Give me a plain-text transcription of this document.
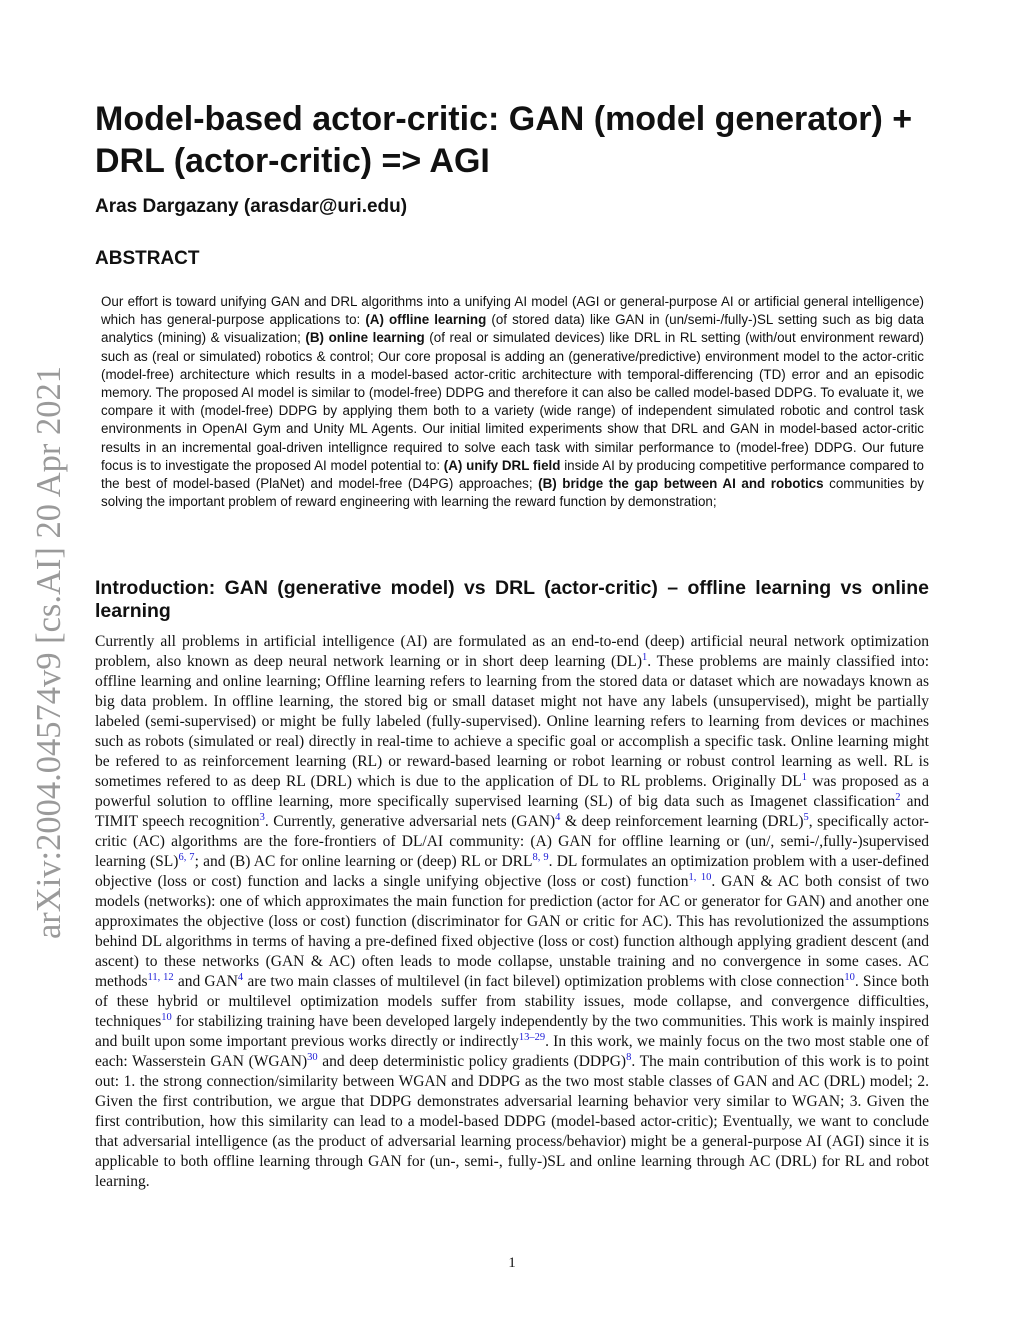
arXiv:2004.04574v9 [cs.AI] 20 Apr 2021
Model-based actor-critic: GAN (model generator) + DRL (actor-critic) => AGI
Aras Dargazany (arasdar@uri.edu)
ABSTRACT

Our effort is toward unifying GAN and DRL algorithms into a unifying AI model (AGI or general-purpose AI or artificial general intelligence) which has general-purpose applications to: (A) offline learning (of stored data) like GAN in (un/semi-/fully-)SL setting such as big data analytics (mining) & visualization; (B) online learning (of real or simulated devices) like DRL in RL setting (with/out environment reward) such as (real or simulated) robotics & control; Our core proposal is adding an (generative/predictive) environment model to the actor-critic (model-free) architecture which results in a model-based actor-critic architecture with temporal-differencing (TD) error and an episodic memory. The proposed AI model is similar to (model-free) DDPG and therefore it can also be called model-based DDPG. To evaluate it, we compare it with (model-free) DDPG by applying them both to a variety (wide range) of independent simulated robotic and control task environments in OpenAI Gym and Unity ML Agents. Our initial limited experiments show that DRL and GAN in model-based actor-critic results in an incremental goal-driven intellignce required to solve each task with similar performance to (model-free) DDPG. Our future focus is to investigate the proposed AI model potential to: (A) unify DRL field inside AI by producing competitive performance compared to the best of model-based (PlaNet) and model-free (D4PG) approaches; (B) bridge the gap between AI and robotics communities by solving the important problem of reward engineering with learning the reward function by demonstration;

Introduction: GAN (generative model) vs DRL (actor-critic) – offline learning vs online learning

Currently all problems in artificial intelligence (AI) are formulated as an end-to-end (deep) artificial neural network optimization problem, also known as deep neural network learning or in short deep learning (DL)$^1$. These problems are mainly classified into: offline learning and online learning; Offline learning refers to learning from the stored data or dataset which are nowadays known as big data problem. In offline learning, the stored big or small dataset might not have any labels (unsupervised), might be partially labeled (semi-supervised) or might be fully labeled (fully-supervised). Online learning refers to learning from devices or machines such as robots (simulated or real) directly in real-time to achieve a specific goal or accomplish a specific task. Online learning might be refered to as reinforcement learning (RL) or reward-based learning or robot learning or robust control learning as well. RL is sometimes refered to as deep RL (DRL) which is due to the application of DL to RL problems. Originally DL$^1$ was proposed as a powerful solution to offline learning, more specifically supervised learning (SL) of big data such as Imagenet classification$^2$ and TIMIT speech recognition$^3$. Currently, generative adversarial nets (GAN)$^4$ & deep reinforcement learning (DRL)$^5$, specifically actor-critic (AC) algorithms are the fore-frontiers of DL/AI community: (A) GAN for offline learning or (un/, semi-/,fully-)supervised learning (SL)$^{6, 7}$; and (B) AC for online learning or (deep) RL or DRL$^{8, 9}$. DL formulates an optimization problem with a user-defined objective (loss or cost) function and lacks a single unifying objective (loss or cost) function$^{1, 10}$. GAN & AC both consist of two models (networks): one of which approximates the main function for prediction (actor for AC or generator for GAN) and another one approximates the objective (loss or cost) function (discriminator for GAN or critic for AC). This has revolutionized the assumptions behind DL algorithms in terms of having a pre-defined fixed objective (loss or cost) function although applying gradient descent (and ascent) to these networks (GAN & AC) often leads to mode collapse, unstable training and no convergence in some cases. AC methods$^{11, 12}$ and GAN$^4$ are two main classes of multilevel (in fact bilevel) optimization problems with close connection$^{10}$. Since both of these hybrid or multilevel optimization models suffer from stability issues, mode collapse, and convergence difficulties, techniques$^{10}$ for stabilizing training have been developed largely independently by the two communities. This work is mainly inspired and built upon some important previous works directly or indirectly$^{13-29}$. In this work, we mainly focus on the two most stable one of each: Wasserstein GAN (WGAN)$^{30}$ and deep deterministic policy gradients (DDPG)$^8$. The main contribution of this work is to point out: 1. the strong connection/similarity between WGAN and DDPG as the two most stable classes of GAN and AC (DRL) model; 2. Given the first contribution, we argue that DDPG demonstrates adversarial learning behavior very similar to WGAN; 3. Given the first contribution, how this similarity can lead to a model-based DDPG (model-based actor-critic); Eventually, we want to conclude that adversarial intelligence (as the product of adversarial learning process/behavior) might be a general-purpose AI (AGI) since it is applicable to both offline learning through GAN for (un-, semi-, fully-)SL and online learning through AC (DRL) for RL and robot learning.

1
